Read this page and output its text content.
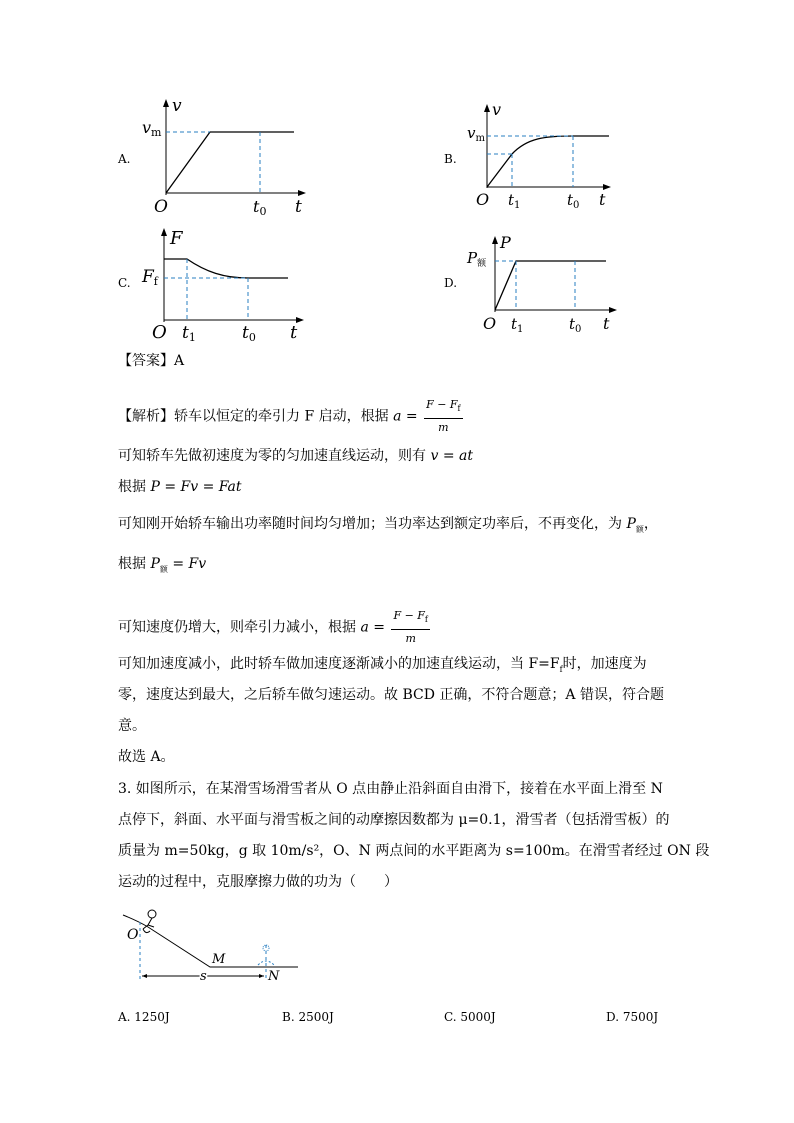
A.
v
vm
O	t0 t
B.
v
$v_m$
O $t_1$	$t_0$ t
C.
F
Ff
O t1	t0 t
D.
P
$P_额$
O $t_1$	$t_0$ t
【答案】A
【解析】轿车以恒定的牵引力 F 启动，根据 $a = \frac{F - F_f}{m}$
可知轿车先做初速度为零的匀加速直线运动，则有 v = at
根据 P = Fv = Fat
可知刚开始轿车输出功率随时间均匀增加；当功率达到额定功率后，不再变化，为 $P_额$，
根据 $P_额 = Fv$
可知速度仍增大，则牵引力减小，根据 $a = \frac{F - F_f}{m}$
可知加速度减小，此时轿车做加速度逐渐减小的加速直线运动，当 $F=F_f$时，加速度为
零，速度达到最大，之后轿车做匀速运动。故 BCD 正确，不符合题意；A 错误，符合题
意。
故选 A。
3. 如图所示，在某滑雪场滑雪者从 O 点由静止沿斜面自由滑下，接着在水平面上滑至 N
点停下，斜面、水平面与滑雪板之间的动摩擦因数都为 μ=0.1，滑雪者（包括滑雪板）的
质量为 m=50kg，g 取 10m/s²，O、N 两点间的水平距离为 s=100m。在滑雪者经过 ON 段
运动的过程中，克服摩擦力做的功为（　　）
O
M
N
s
A. 1250J	B. 2500J	C. 5000J	D. 7500J
